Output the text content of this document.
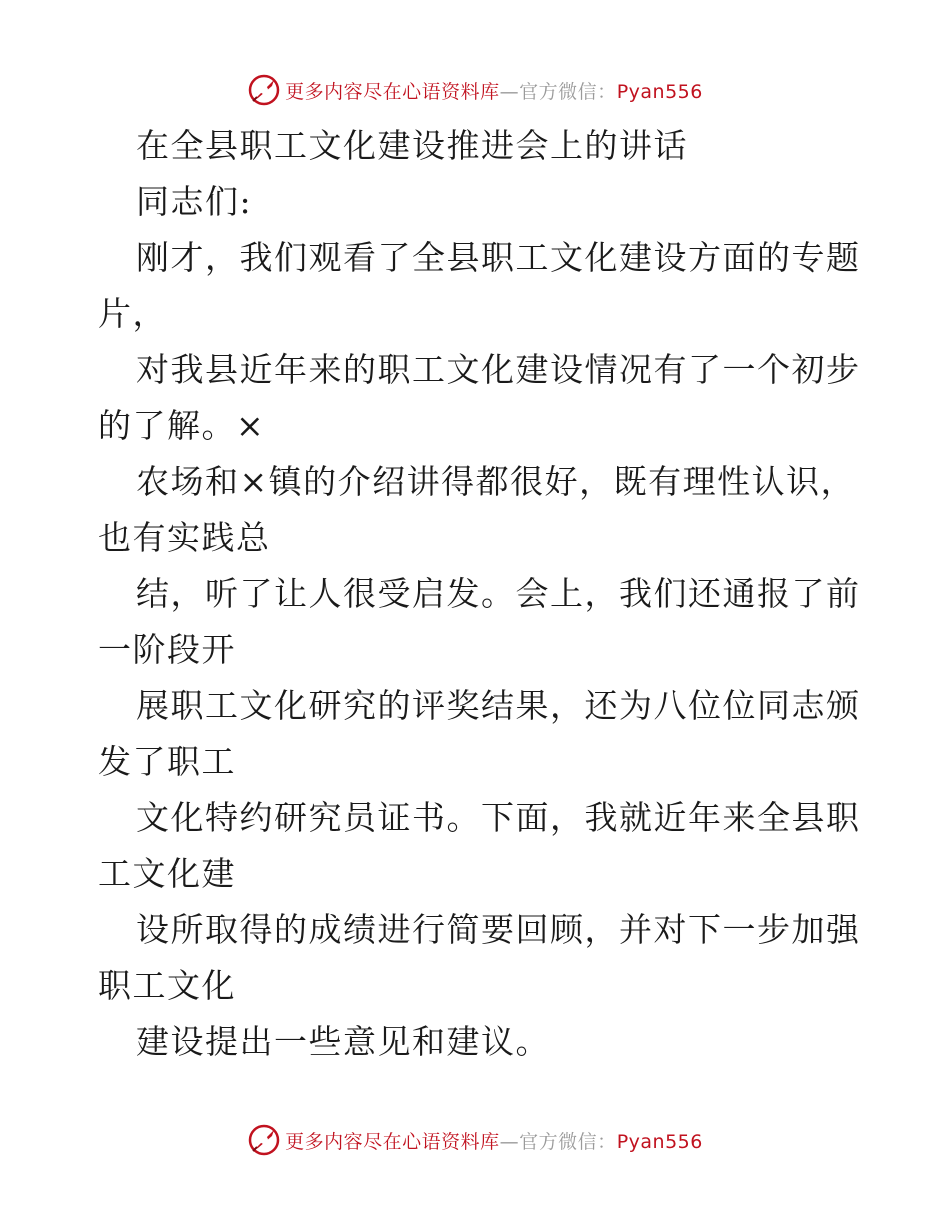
更多内容尽在心语资料库—官方微信：Pyan556
在全县职工文化建设推进会上的讲话
同志们:
刚才，我们观看了全县职工文化建设方面的专题
片，
对我县近年来的职工文化建设情况有了一个初步
的了解。×
农场和×镇的介绍讲得都很好，既有理性认识，
也有实践总
结，听了让人很受启发。会上，我们还通报了前
一阶段开
展职工文化研究的评奖结果，还为八位位同志颁
发了职工
文化特约研究员证书。下面，我就近年来全县职
工文化建
设所取得的成绩进行简要回顾，并对下一步加强
职工文化
建设提出一些意见和建议。
更多内容尽在心语资料库—官方微信：Pyan556
